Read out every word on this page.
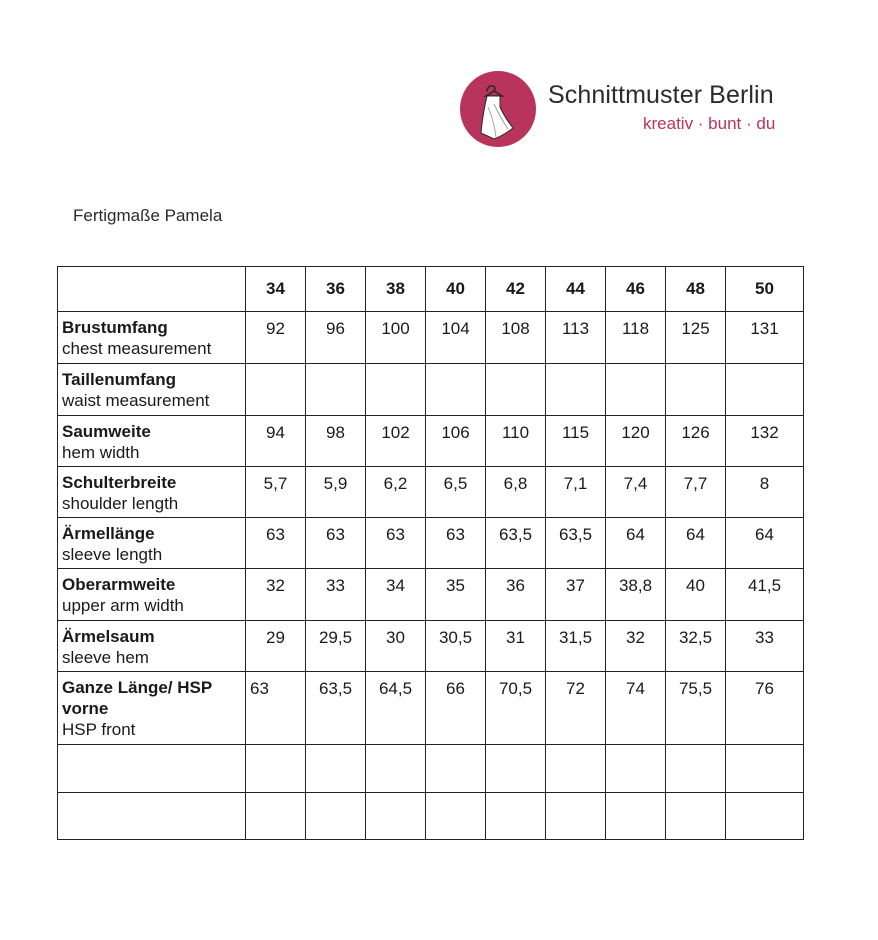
Schnittmuster Berlin
kreativ · bunt · du
Fertigmaße Pamela
	34	36	38	40	42	44	46	48	50

Brustumfang
chest measurement	92	96	100	104	108	113	118	125	131

Taillenumfang
waist measurement									

Saumweite
hem width	94	98	102	106	110	115	120	126	132

Schulterbreite
shoulder length	5,7	5,9	6,2	6,5	6,8	7,1	7,4	7,7	8

Ärmellänge
sleeve length	63	63	63	63	63,5	63,5	64	64	64

Oberarmweite
upper arm width	32	33	34	35	36	37	38,8	40	41,5

Ärmelsaum
sleeve hem	29	29,5	30	30,5	31	31,5	32	32,5	33

Ganze Länge/ HSP vorne
HSP front	63	63,5	64,5	66	70,5	72	74	75,5	76
